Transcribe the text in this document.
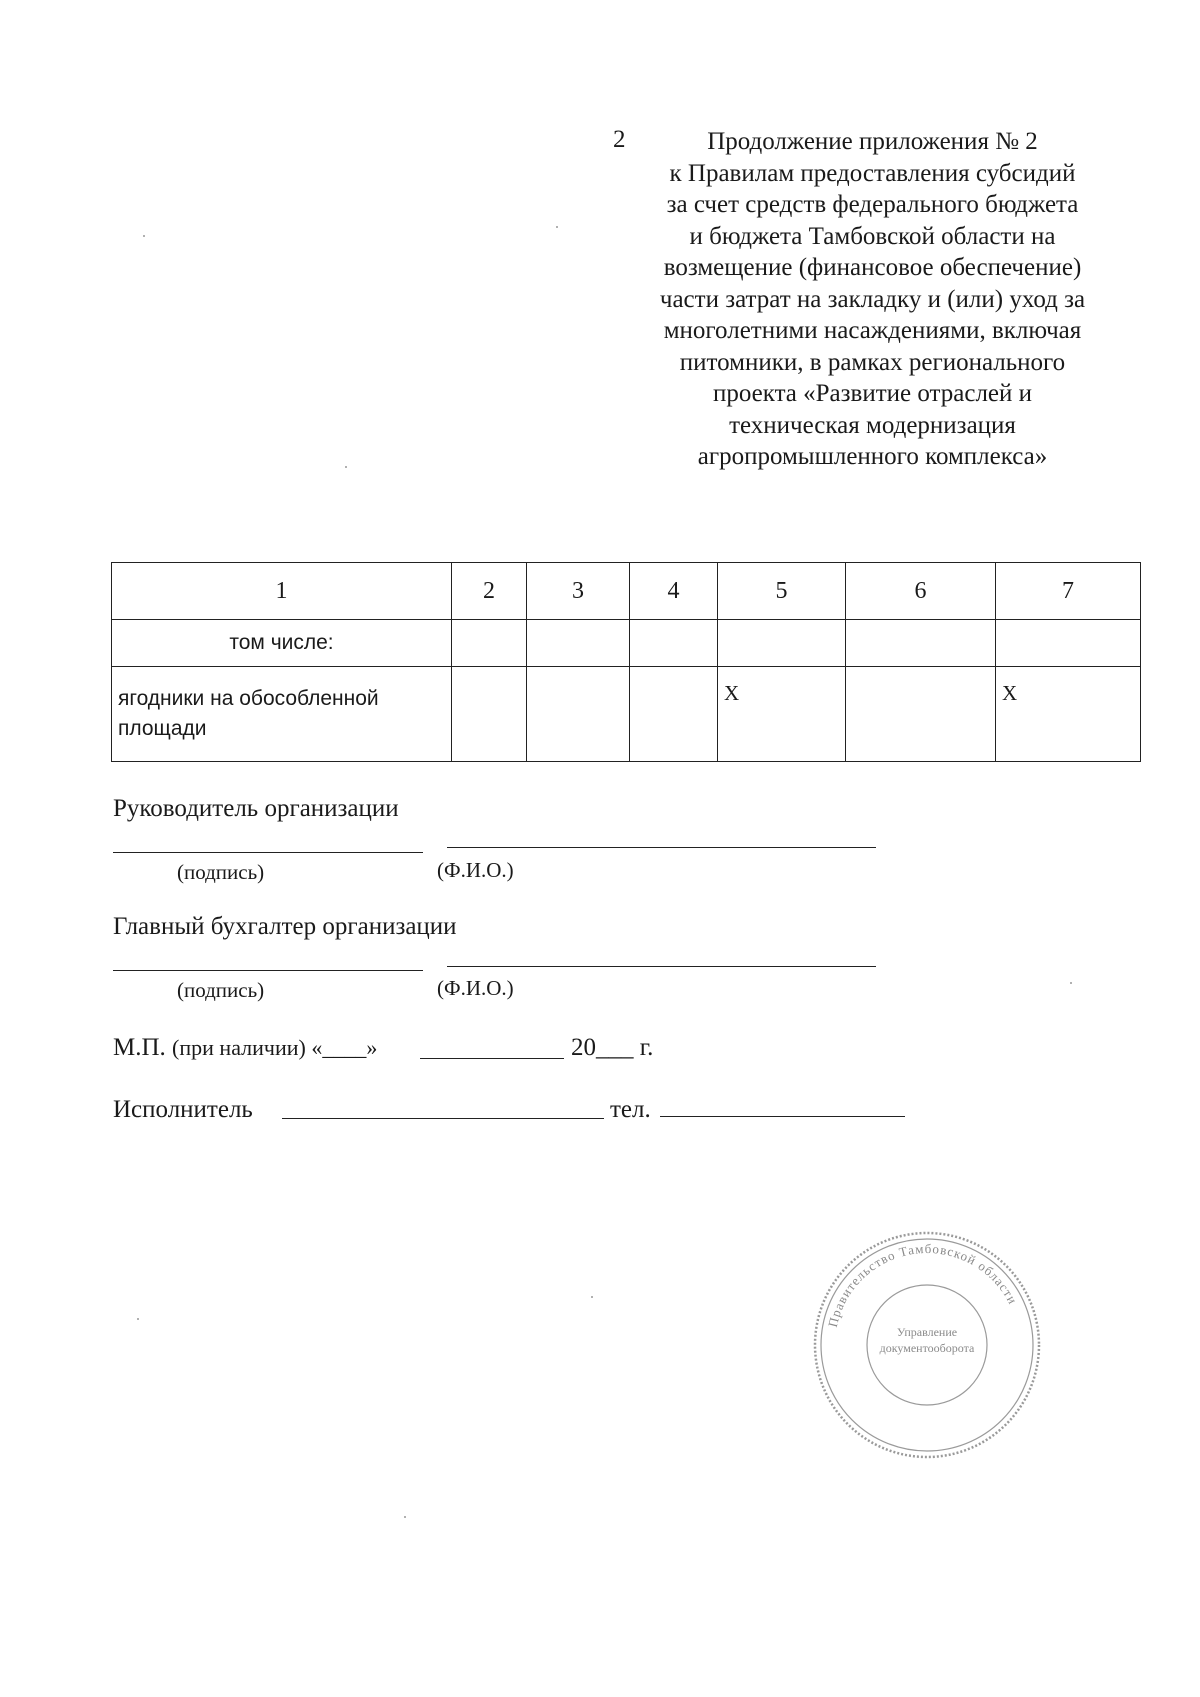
2	Продолжение приложения № 2
к Правилам предоставления субсидий
за счет средств федерального бюджета
и бюджета Тамбовской области на
возмещение (финансовое обеспечение)
части затрат на закладку и (или) уход за
многолетними насаждениями, включая
питомники, в рамках регионального
проекта «Развитие отраслей и
техническая модернизация
агропромышленного комплекса»
1	2	3	4	5	6	7
том числе:						
ягодники на обособленной площади				X		X
Руководитель организации
(подпись)	(Ф.И.О.)
Главный бухгалтер организации
(подпись)	(Ф.И.О.)
М.П. (при наличии) «____»	20___ г.
Исполнитель	тел.
Правительство Тамбовской области
Управление документооборота
